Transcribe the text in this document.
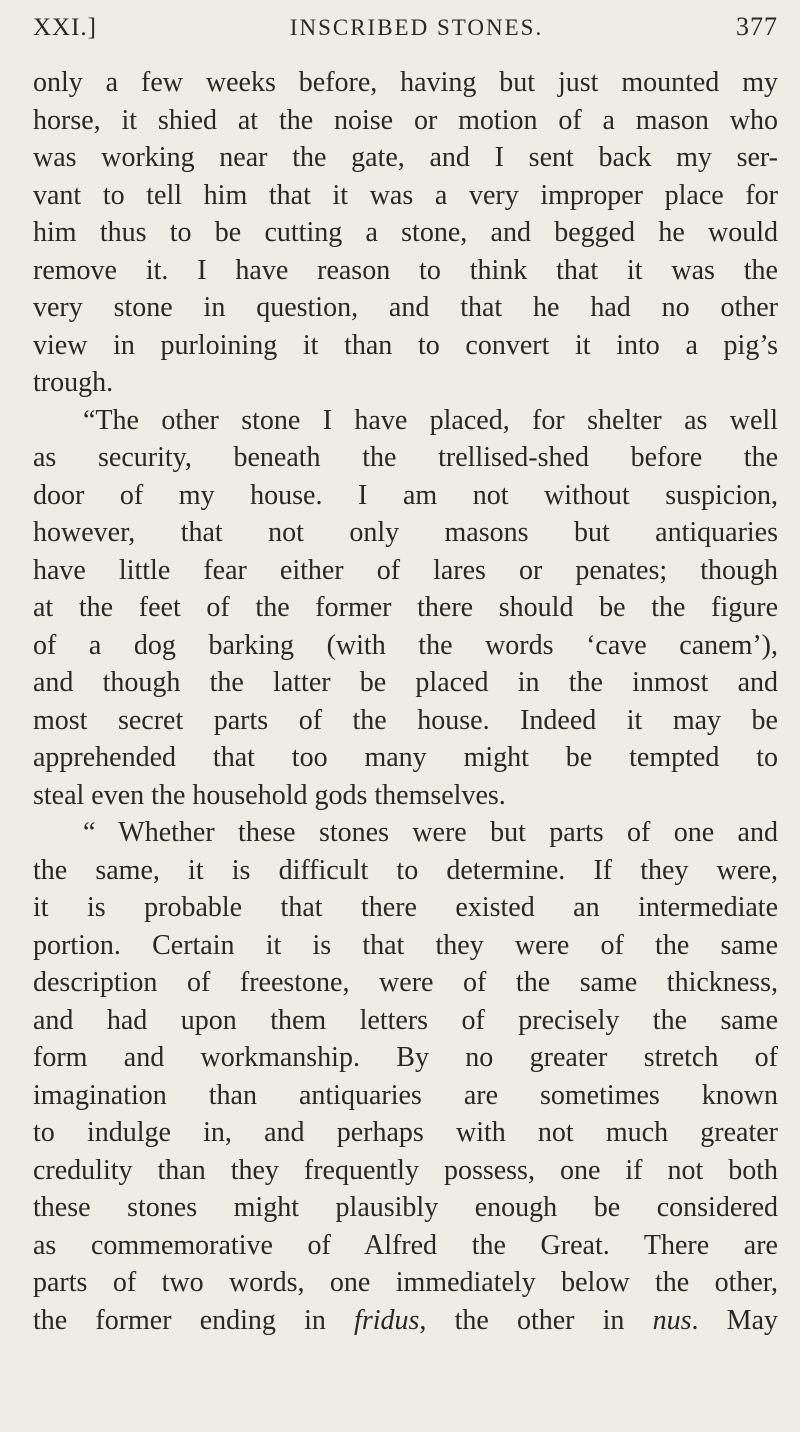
XXI.]	INSCRIBED STONES.	377
only a few weeks before, having but just mounted my
horse, it shied at the noise or motion of a mason who
was working near the gate, and I sent back my ser-
vant to tell him that it was a very improper place for
him thus to be cutting a stone, and begged he would
remove it. I have reason to think that it was the
very stone in question, and that he had no other
view in purloining it than to convert it into a pig’s
trough.
“The other stone I have placed, for shelter as well
as security, beneath the trellised-shed before the
door of my house. I am not without suspicion,
however, that not only masons but antiquaries
have little fear either of lares or penates; though
at the feet of the former there should be the figure
of a dog barking (with the words ‘cave canem’),
and though the latter be placed in the inmost and
most secret parts of the house. Indeed it may be
apprehended that too many might be tempted to
steal even the household gods themselves.
“ Whether these stones were but parts of one and
the same, it is difficult to determine. If they were,
it is probable that there existed an intermediate
portion. Certain it is that they were of the same
description of freestone, were of the same thickness,
and had upon them letters of precisely the same
form and workmanship. By no greater stretch of
imagination than antiquaries are sometimes known
to indulge in, and perhaps with not much greater
credulity than they frequently possess, one if not both
these stones might plausibly enough be considered
as commemorative of Alfred the Great. There are
parts of two words, one immediately below the other,
the former ending in fridus, the other in nus. May
